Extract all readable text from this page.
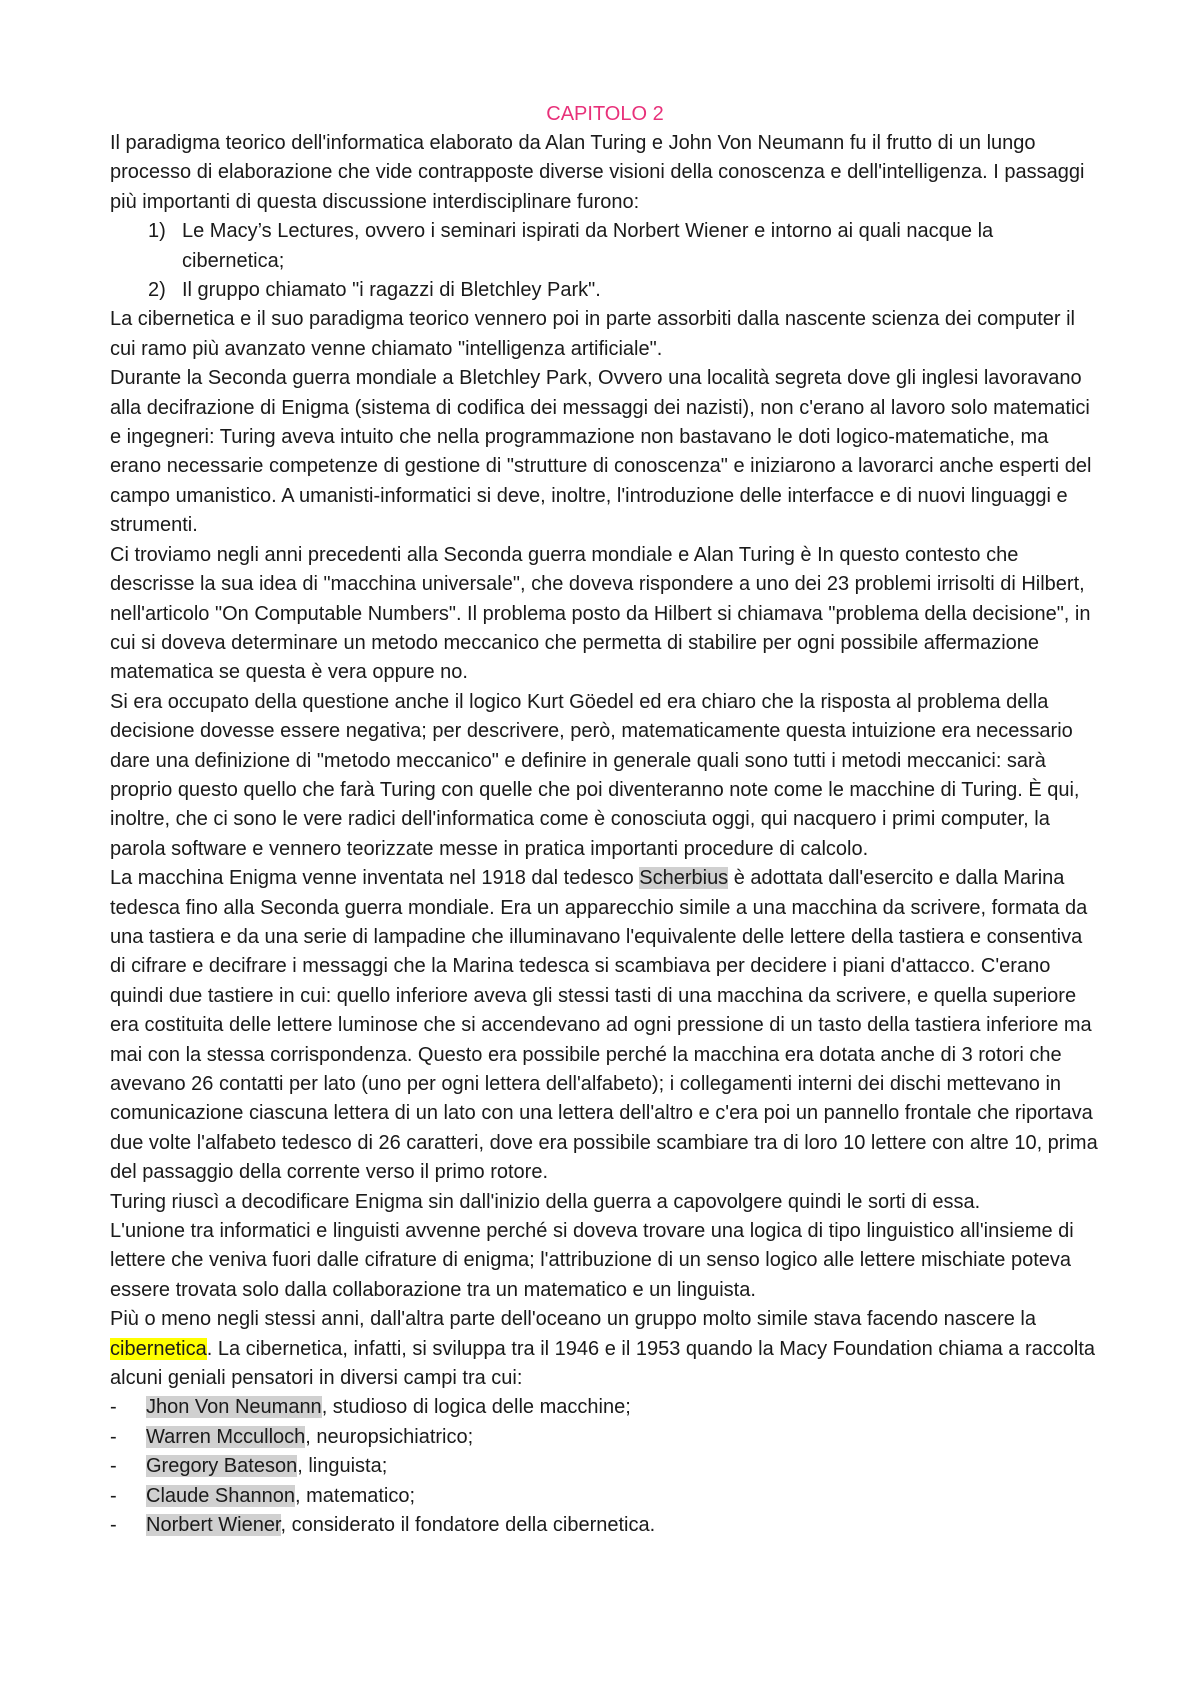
CAPITOLO 2

Il paradigma teorico dell'informatica elaborato da Alan Turing e John Von Neumann fu il frutto di un lungo processo di elaborazione che vide contrapposte diverse visioni della conoscenza e dell'intelligenza. I passaggi più importanti di questa discussione interdisciplinare furono:

1) Le Macy’s Lectures, ovvero i seminari ispirati da Norbert Wiener e intorno ai quali nacque la cibernetica;
2) Il gruppo chiamato "i ragazzi di Bletchley Park".

La cibernetica e il suo paradigma teorico vennero poi in parte assorbiti dalla nascente scienza dei computer il cui ramo più avanzato venne chiamato "intelligenza artificiale".

Durante la Seconda guerra mondiale a Bletchley Park, Ovvero una località segreta dove gli inglesi lavoravano alla decifrazione di Enigma (sistema di codifica dei messaggi dei nazisti), non c'erano al lavoro solo matematici e ingegneri: Turing aveva intuito che nella programmazione non bastavano le doti logico-matematiche, ma erano necessarie competenze di gestione di "strutture di conoscenza" e iniziarono a lavorarci anche esperti del campo umanistico. A umanisti-informatici si deve, inoltre, l'introduzione delle interfacce e di nuovi linguaggi e strumenti.

Ci troviamo negli anni precedenti alla Seconda guerra mondiale e Alan Turing è In questo contesto che descrisse la sua idea di "macchina universale", che doveva rispondere a uno dei 23 problemi irrisolti di Hilbert, nell'articolo "On Computable Numbers". Il problema posto da Hilbert si chiamava "problema della decisione", in cui si doveva determinare un metodo meccanico che permetta di stabilire per ogni possibile affermazione matematica se questa è vera oppure no.

Si era occupato della questione anche il logico Kurt Göedel ed era chiaro che la risposta al problema della decisione dovesse essere negativa; per descrivere, però, matematicamente questa intuizione era necessario dare una definizione di "metodo meccanico" e definire in generale quali sono tutti i metodi meccanici: sarà proprio questo quello che farà Turing con quelle che poi diventeranno note come le macchine di Turing. È qui, inoltre, che ci sono le vere radici dell'informatica come è conosciuta oggi, qui nacquero i primi computer, la parola software e vennero teorizzate messe in pratica importanti procedure di calcolo.

La macchina Enigma venne inventata nel 1918 dal tedesco Scherbius è adottata dall'esercito e dalla Marina tedesca fino alla Seconda guerra mondiale. Era un apparecchio simile a una macchina da scrivere, formata da una tastiera e da una serie di lampadine che illuminavano l'equivalente delle lettere della tastiera e consentiva di cifrare e decifrare i messaggi che la Marina tedesca si scambiava per decidere i piani d'attacco. C'erano quindi due tastiere in cui: quello inferiore aveva gli stessi tasti di una macchina da scrivere, e quella superiore era costituita delle lettere luminose che si accendevano ad ogni pressione di un tasto della tastiera inferiore ma mai con la stessa corrispondenza. Questo era possibile perché la macchina era dotata anche di 3 rotori che avevano 26 contatti per lato (uno per ogni lettera dell'alfabeto); i collegamenti interni dei dischi mettevano in comunicazione ciascuna lettera di un lato con una lettera dell'altro e c'era poi un pannello frontale che riportava due volte l'alfabeto tedesco di 26 caratteri, dove era possibile scambiare tra di loro 10 lettere con altre 10, prima del passaggio della corrente verso il primo rotore.

Turing riuscì a decodificare Enigma sin dall'inizio della guerra a capovolgere quindi le sorti di essa.

L'unione tra informatici e linguisti avvenne perché si doveva trovare una logica di tipo linguistico all'insieme di lettere che veniva fuori dalle cifrature di enigma; l'attribuzione di un senso logico alle lettere mischiate poteva essere trovata solo dalla collaborazione tra un matematico e un linguista.

Più o meno negli stessi anni, dall'altra parte dell'oceano un gruppo molto simile stava facendo nascere la cibernetica. La cibernetica, infatti, si sviluppa tra il 1946 e il 1953 quando la Macy Foundation chiama a raccolta alcuni geniali pensatori in diversi campi tra cui:

- Jhon Von Neumann, studioso di logica delle macchine;
- Warren Mcculloch, neuropsichiatrico;
- Gregory Bateson, linguista;
- Claude Shannon, matematico;
- Norbert Wiener, considerato il fondatore della cibernetica.
